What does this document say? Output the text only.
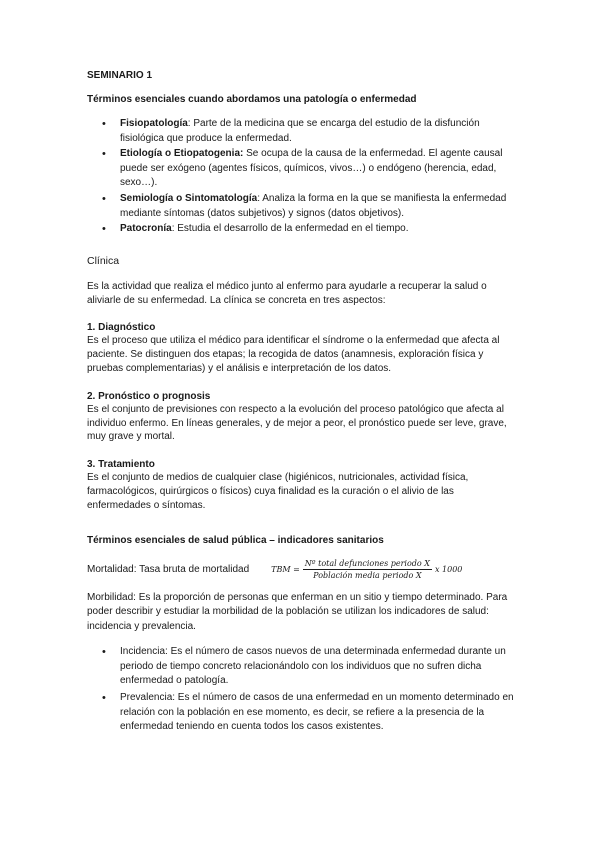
SEMINARIO 1
Términos esenciales cuando abordamos una patología o enfermedad
• Fisiopatología: Parte de la medicina que se encarga del estudio de la disfunción fisiológica que produce la enfermedad.
• Etiología o Etiopatogenia: Se ocupa de la causa de la enfermedad. El agente causal puede ser exógeno (agentes físicos, químicos, vivos…) o endógeno (herencia, edad, sexo…).
• Semiología o Sintomatología: Analiza la forma en la que se manifiesta la enfermedad mediante síntomas (datos subjetivos) y signos (datos objetivos).
• Patocronía: Estudia el desarrollo de la enfermedad en el tiempo.
Clínica

Es la actividad que realiza el médico junto al enfermo para ayudarle a recuperar la salud o aliviarle de su enfermedad. La clínica se concreta en tres aspectos:

1. Diagnóstico

Es el proceso que utiliza el médico para identificar el síndrome o la enfermedad que afecta al paciente. Se distinguen dos etapas; la recogida de datos (anamnesis, exploración física y pruebas complementarias) y el análisis e interpretación de los datos.

2. Pronóstico o prognosis

Es el conjunto de previsiones con respecto a la evolución del proceso patológico que afecta al individuo enfermo. En líneas generales, y de mejor a peor, el pronóstico puede ser leve, grave, muy grave y mortal.

3. Tratamiento

Es el conjunto de medios de cualquier clase (higiénicos, nutricionales, actividad física, farmacológicos, quirúrgicos o físicos) cuya finalidad es la curación o el alivio de las enfermedades o síntomas.

Términos esenciales de salud pública – indicadores sanitarios
Mortalidad: Tasa bruta de mortalidad	TBM = $\frac{\text{Nº total defunciones periodo X}}{\text{Población media periodo X}}$ x 1000

Morbilidad: Es la proporción de personas que enferman en un sitio y tiempo determinado. Para poder describir y estudiar la morbilidad de la población se utilizan los indicadores de salud: incidencia y prevalencia.

• Incidencia: Es el número de casos nuevos de una determinada enfermedad durante un periodo de tiempo concreto relacionándolo con los individuos que no sufren dicha enfermedad o patología.
• Prevalencia: Es el número de casos de una enfermedad en un momento determinado en relación con la población en ese momento, es decir, se refiere a la presencia de la enfermedad teniendo en cuenta todos los casos existentes.
